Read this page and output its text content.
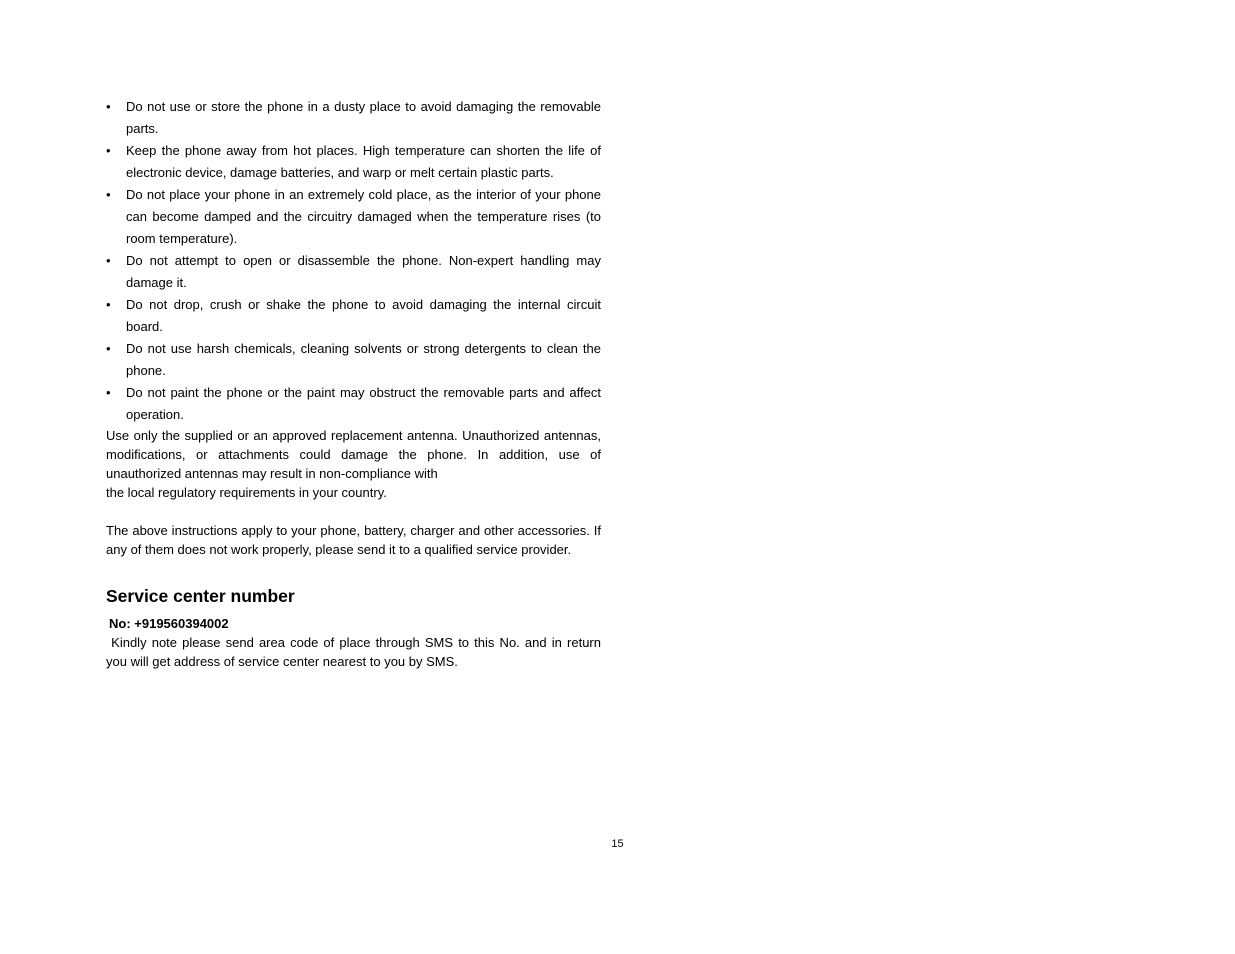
•	Do not use or store the phone in a dusty place to avoid damaging the removable parts.
•	Keep the phone away from hot places. High temperature can shorten the life of electronic device, damage batteries, and warp or melt certain plastic parts.
•	Do not place your phone in an extremely cold place, as the interior of your phone can become damped and the circuitry damaged when the temperature rises (to room temperature).
•	Do not attempt to open or disassemble the phone. Non-expert handling may damage it.
•	Do not drop, crush or shake the phone to avoid damaging the internal circuit board.
•	Do not use harsh chemicals, cleaning solvents or strong detergents to clean the phone.
•	Do not paint the phone or the paint may obstruct the removable parts and affect operation.

Use only the supplied or an approved replacement antenna. Unauthorized antennas, modifications, or attachments could damage the phone. In addition, use of unauthorized antennas may result in non-compliance with
the local regulatory requirements in your country.

The above instructions apply to your phone, battery, charger and other accessories. If any of them does not work properly, please send it to a qualified service provider.

Service center number
No: +919560394002

Kindly note please send area code of place through SMS to this No. and in return you will get address of service center nearest to you by SMS.

15
